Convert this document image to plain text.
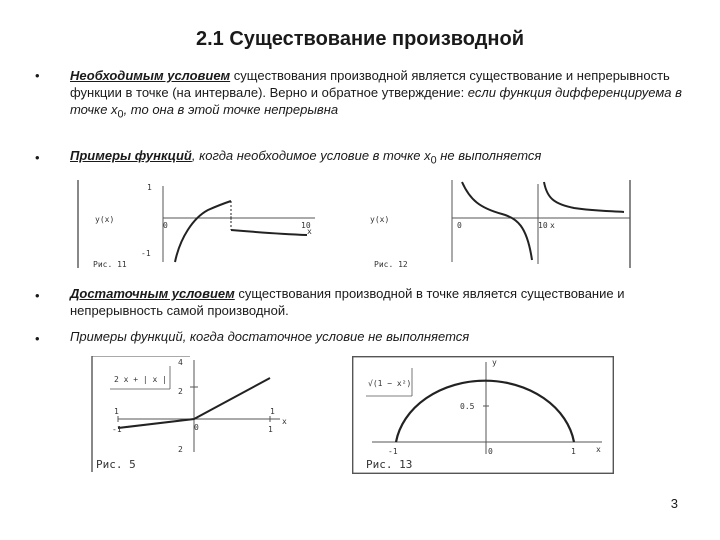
2.1 Существование производной
• Необходимым условием существования производной является существование и непрерывность функции в точке (на интервале). Верно и обратное утверждение: если функция дифференцируема в точке $x_0$, то она в этой точке непрерывна
• Примеры функций, когда необходимое условие в точке $x_0$ не выполняется
y(x)
1
-1
0	10
x
Рис. 11
y(x)
0	10 x
Рис. 12
• Достаточным условием существования производной в точке является существование и непрерывность самой производной.
• Примеры функций, когда достаточное условие не выполняется
2 x + | x |
4
2
1	1
2
-1	0	1
x
Рис. 5
√(1 − x²)
y
0.5
-1	0	1	x
Рис. 13
3
